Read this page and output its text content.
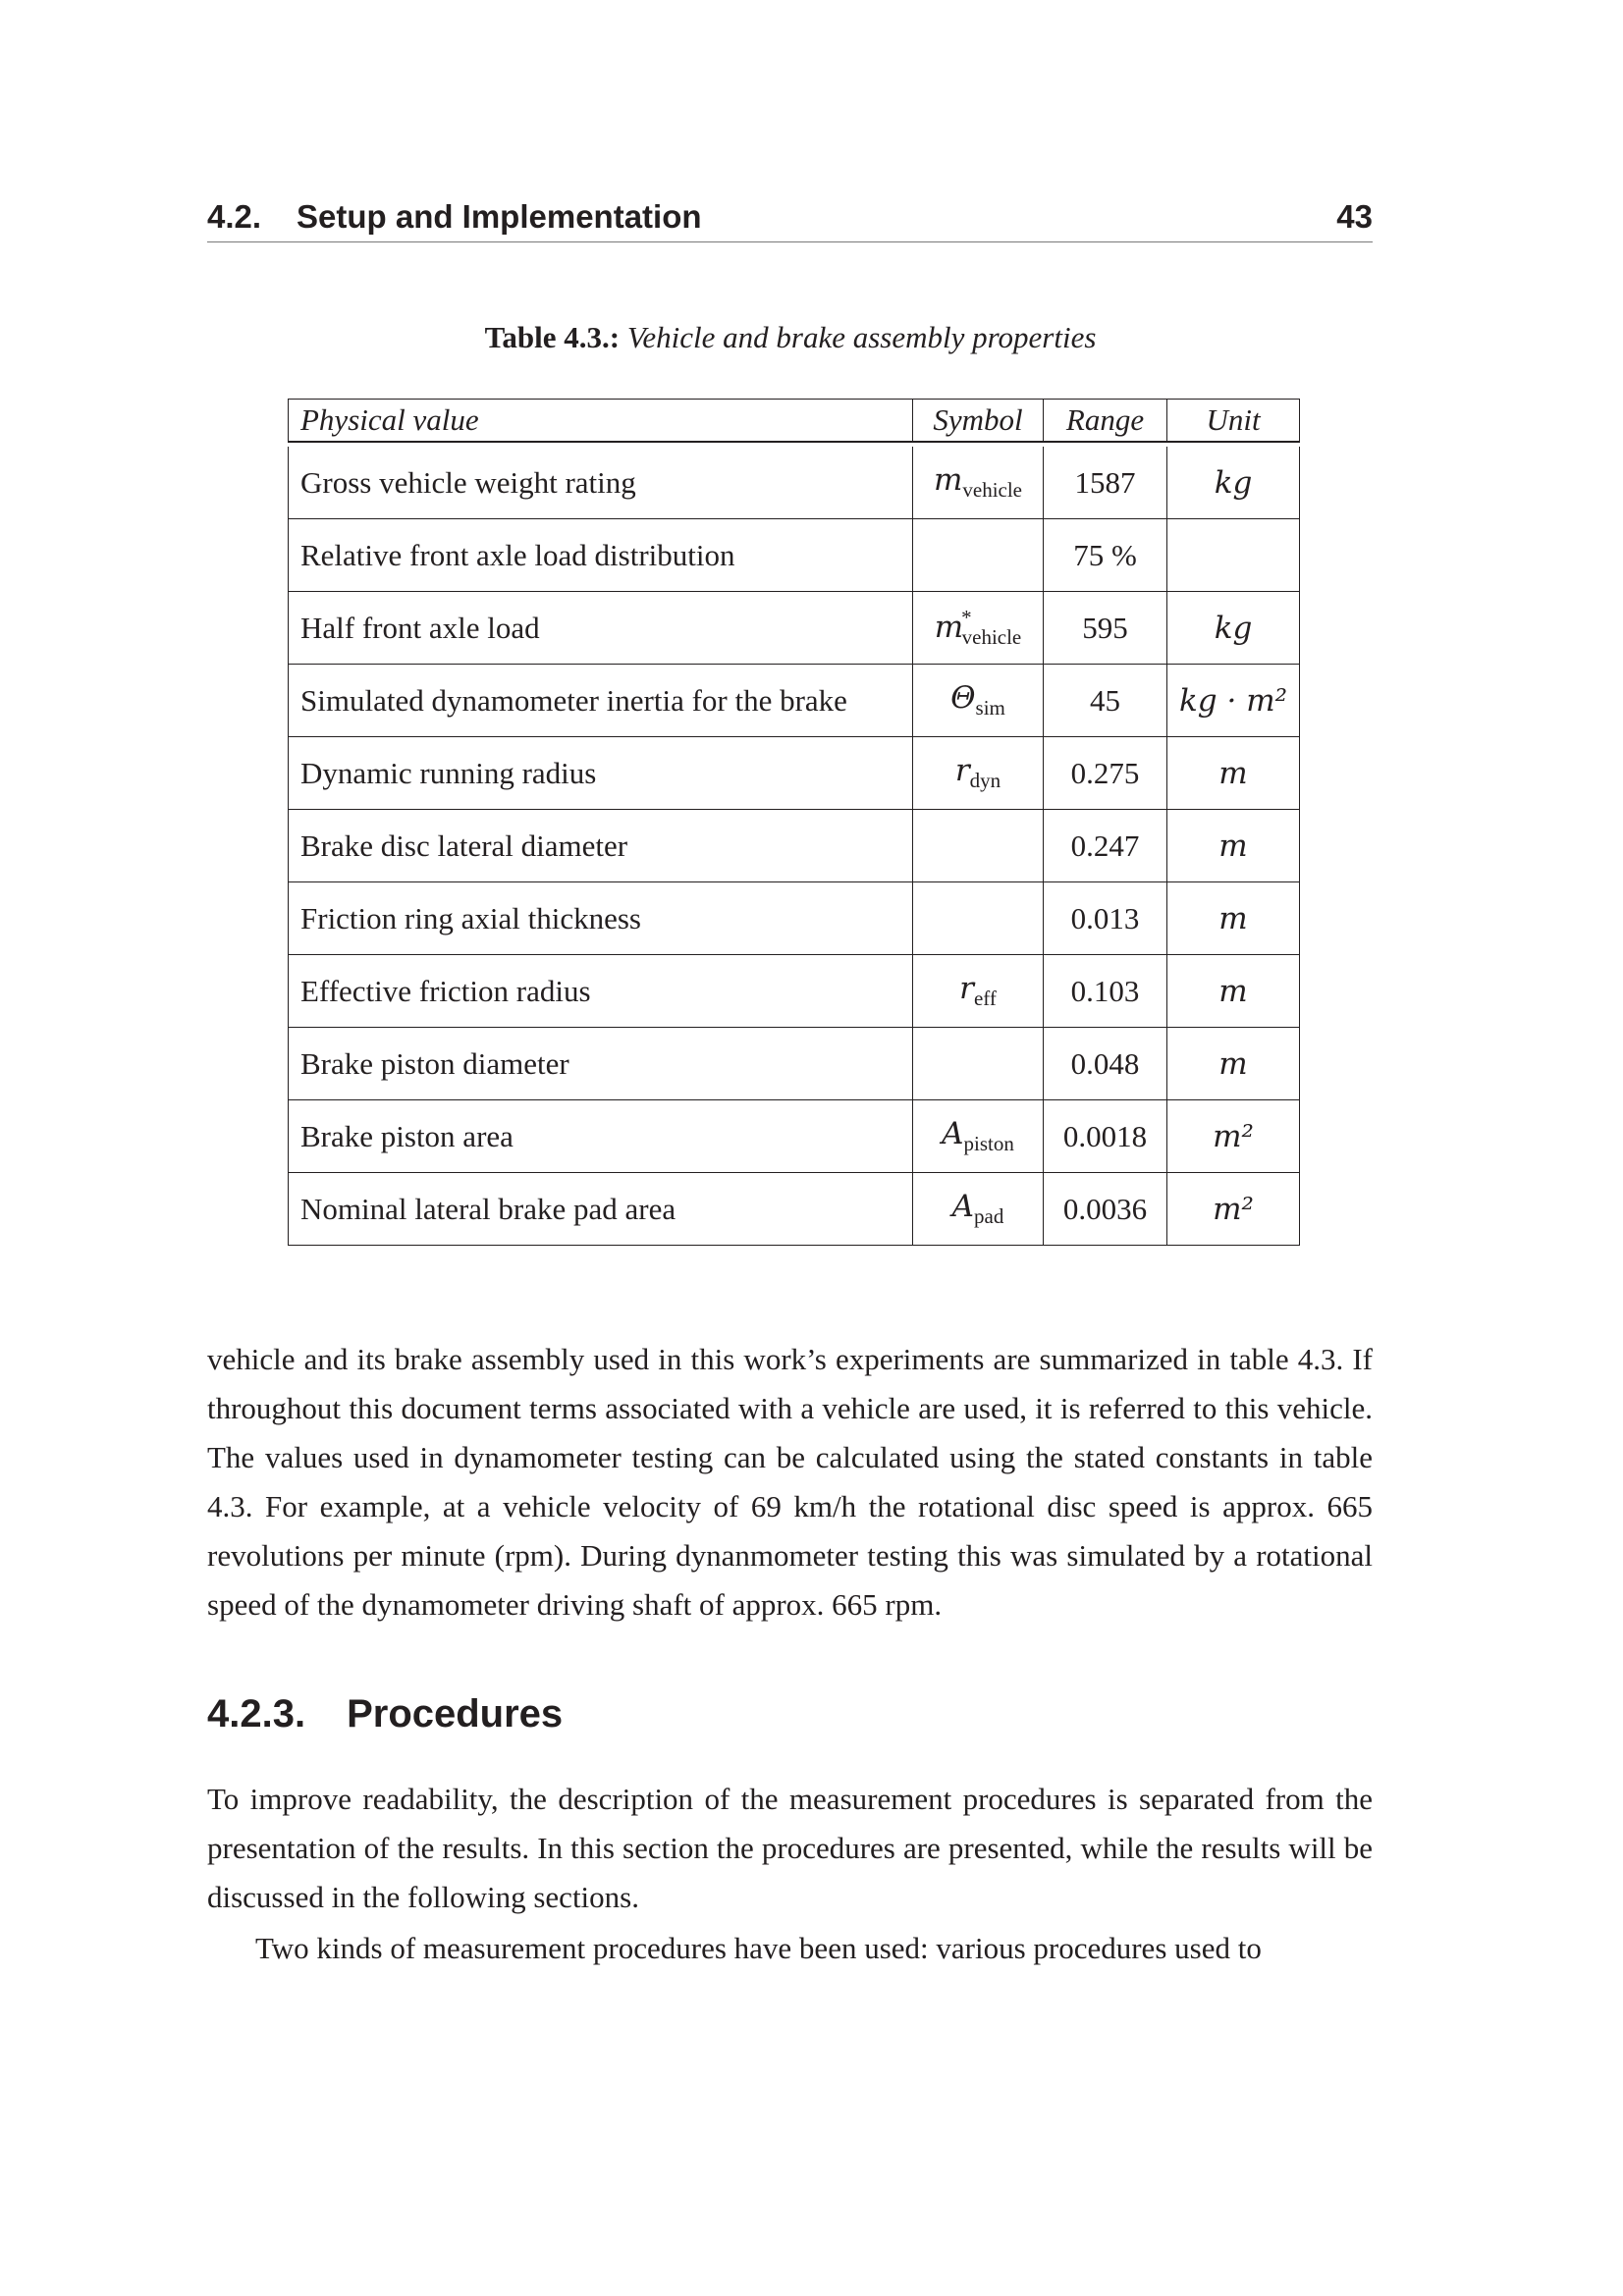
4.2. Setup and Implementation	43
Table 4.3.: Vehicle and brake assembly properties
Physical value	Symbol	Range	Unit

Gross vehicle weight rating	$m_{vehicle}$	1587	kg
Relative front axle load distribution		75 %	
Half front axle load	$m^*_{vehicle}$	595	kg
Simulated dynamometer inertia for the brake	$\Theta_{sim}$	45	kg · m²
Dynamic running radius	$r_{dyn}$	0.275	m
Brake disc lateral diameter		0.247	m
Friction ring axial thickness		0.013	m
Effective friction radius	$r_{eff}$	0.103	m
Brake piston diameter		0.048	m
Brake piston area	$A_{piston}$	0.0018	m²
Nominal lateral brake pad area	$A_{pad}$	0.0036	m²

vehicle and its brake assembly used in this work’s experiments are summarized in table 4.3. If throughout this document terms associated with a vehicle are used, it is referred to this vehicle. The values used in dynamometer testing can be calculated using the stated constants in table 4.3. For example, at a vehicle velocity of 69 km/h the rotational disc speed is approx. 665 revolutions per minute (rpm). During dynanmometer testing this was simulated by a rotational speed of the dynamometer driving shaft of approx. 665 rpm.

4.2.3. Procedures

To improve readability, the description of the measurement procedures is separated from the presentation of the results. In this section the procedures are presented, while the results will be discussed in the following sections.

Two kinds of measurement procedures have been used: various procedures used to
